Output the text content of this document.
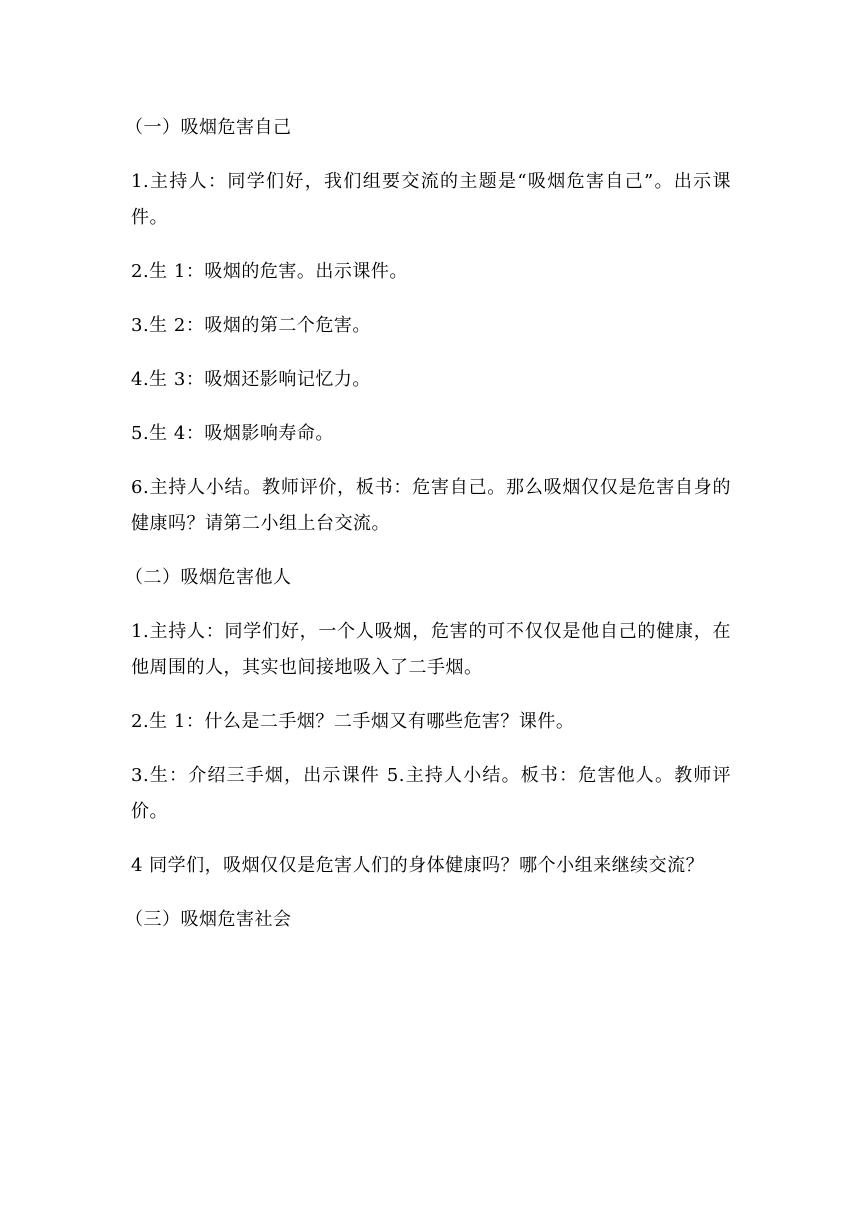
（一）吸烟危害自己

1.主持人：同学们好，我们组要交流的主题是“吸烟危害自己”。出示课件。

2.生 1：吸烟的危害。出示课件。

3.生 2：吸烟的第二个危害。

4.生 3：吸烟还影响记忆力。

5.生 4：吸烟影响寿命。

6.主持人小结。教师评价，板书：危害自己。那么吸烟仅仅是危害自身的健康吗？请第二小组上台交流。

（二）吸烟危害他人

1.主持人：同学们好，一个人吸烟，危害的可不仅仅是他自己的健康，在他周围的人，其实也间接地吸入了二手烟。

2.生 1：什么是二手烟？二手烟又有哪些危害？课件。

3.生：介绍三手烟，出示课件 5.主持人小结。板书：危害他人。教师评价。

4 同学们，吸烟仅仅是危害人们的身体健康吗？哪个小组来继续交流？

（三）吸烟危害社会
